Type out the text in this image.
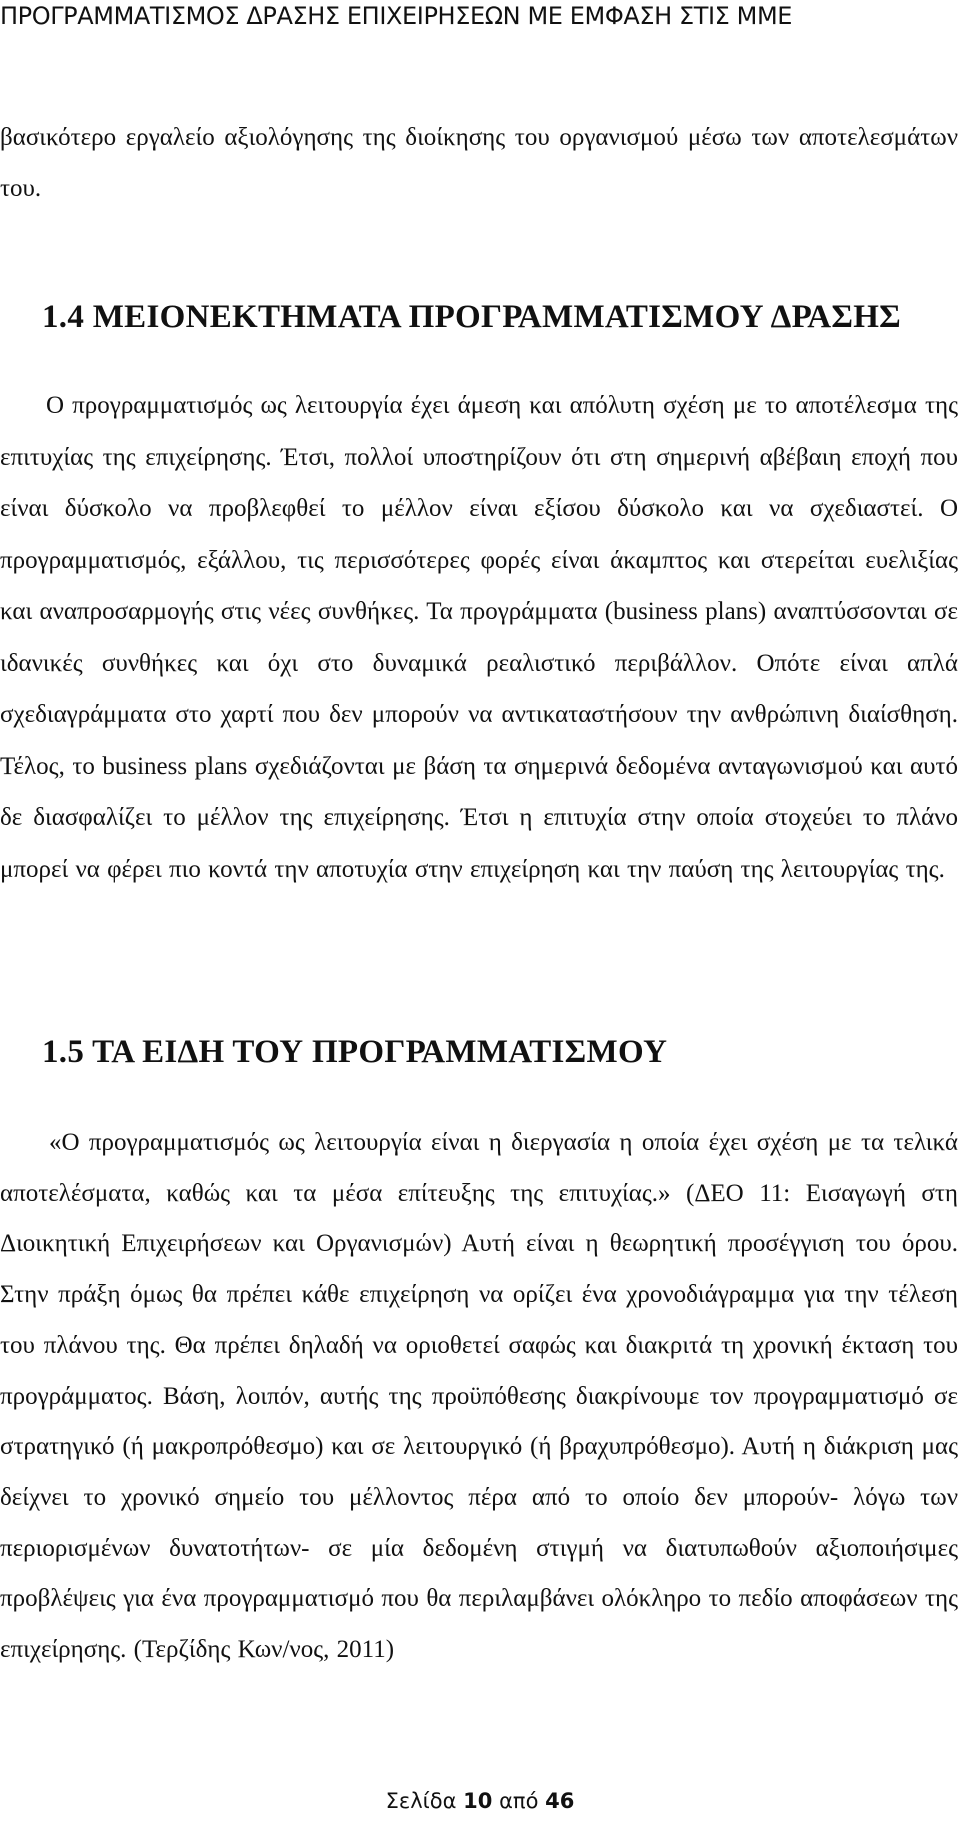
ΠΡΟΓΡΑΜΜΑΤΙΣΜΟΣ ΔΡΑΣΗΣ ΕΠΙΧΕΙΡΗΣΕΩΝ ΜΕ ΕΜΦΑΣΗ ΣΤΙΣ ΜΜΕ
βασικότερο εργαλείο αξιολόγησης της διοίκησης του οργανισμού μέσω των αποτελεσμάτων του.
1.4 ΜΕΙΟΝΕΚΤΗΜΑΤΑ ΠΡΟΓΡΑΜΜΑΤΙΣΜΟΥ ΔΡΑΣΗΣ
Ο προγραμματισμός ως λειτουργία έχει άμεση και απόλυτη σχέση με το αποτέλεσμα της επιτυχίας της επιχείρησης. Έτσι, πολλοί υποστηρίζουν ότι στη σημερινή αβέβαιη εποχή που είναι δύσκολο να προβλεφθεί το μέλλον είναι εξίσου δύσκολο και να σχεδιαστεί. Ο προγραμματισμός, εξάλλου, τις περισσότερες φορές είναι άκαμπτος και στερείται ευελιξίας και αναπροσαρμογής στις νέες συνθήκες. Τα προγράμματα (business plans) αναπτύσσονται σε ιδανικές συνθήκες και όχι στο δυναμικά ρεαλιστικό περιβάλλον. Οπότε είναι απλά σχεδιαγράμματα στο χαρτί που δεν μπορούν να αντικαταστήσουν την ανθρώπινη διαίσθηση. Τέλος, το business plans σχεδιάζονται με βάση τα σημερινά δεδομένα ανταγωνισμού και αυτό δε διασφαλίζει το μέλλον της επιχείρησης. Έτσι η επιτυχία στην οποία στοχεύει το πλάνο μπορεί να φέρει πιο κοντά την αποτυχία στην επιχείρηση και την παύση της λειτουργίας της.
1.5 ΤΑ ΕΙΔΗ ΤΟΥ ΠΡΟΓΡΑΜΜΑΤΙΣΜΟΥ
«Ο προγραμματισμός ως λειτουργία είναι η διεργασία η οποία έχει σχέση με τα τελικά αποτελέσματα, καθώς και τα μέσα επίτευξης της επιτυχίας.» (ΔΕΟ 11: Εισαγωγή στη Διοικητική Επιχειρήσεων και Οργανισμών) Αυτή είναι η θεωρητική προσέγγιση του όρου. Στην πράξη όμως θα πρέπει κάθε επιχείρηση να ορίζει ένα χρονοδιάγραμμα για την τέλεση του πλάνου της. Θα πρέπει δηλαδή να οριοθετεί σαφώς και διακριτά τη χρονική έκταση του προγράμματος. Βάση, λοιπόν, αυτής της προϋπόθεσης διακρίνουμε τον προγραμματισμό σε στρατηγικό (ή μακροπρόθεσμο) και σε λειτουργικό (ή βραχυπρόθεσμο). Αυτή η διάκριση μας δείχνει το χρονικό σημείο του μέλλοντος πέρα από το οποίο δεν μπορούν- λόγω των περιορισμένων δυνατοτήτων- σε μία δεδομένη στιγμή να διατυπωθούν αξιοποιήσιμες προβλέψεις για ένα προγραμματισμό που θα περιλαμβάνει ολόκληρο το πεδίο αποφάσεων της επιχείρησης. (Τερζίδης Κων/νος, 2011)
Σελίδα 10 από 46
